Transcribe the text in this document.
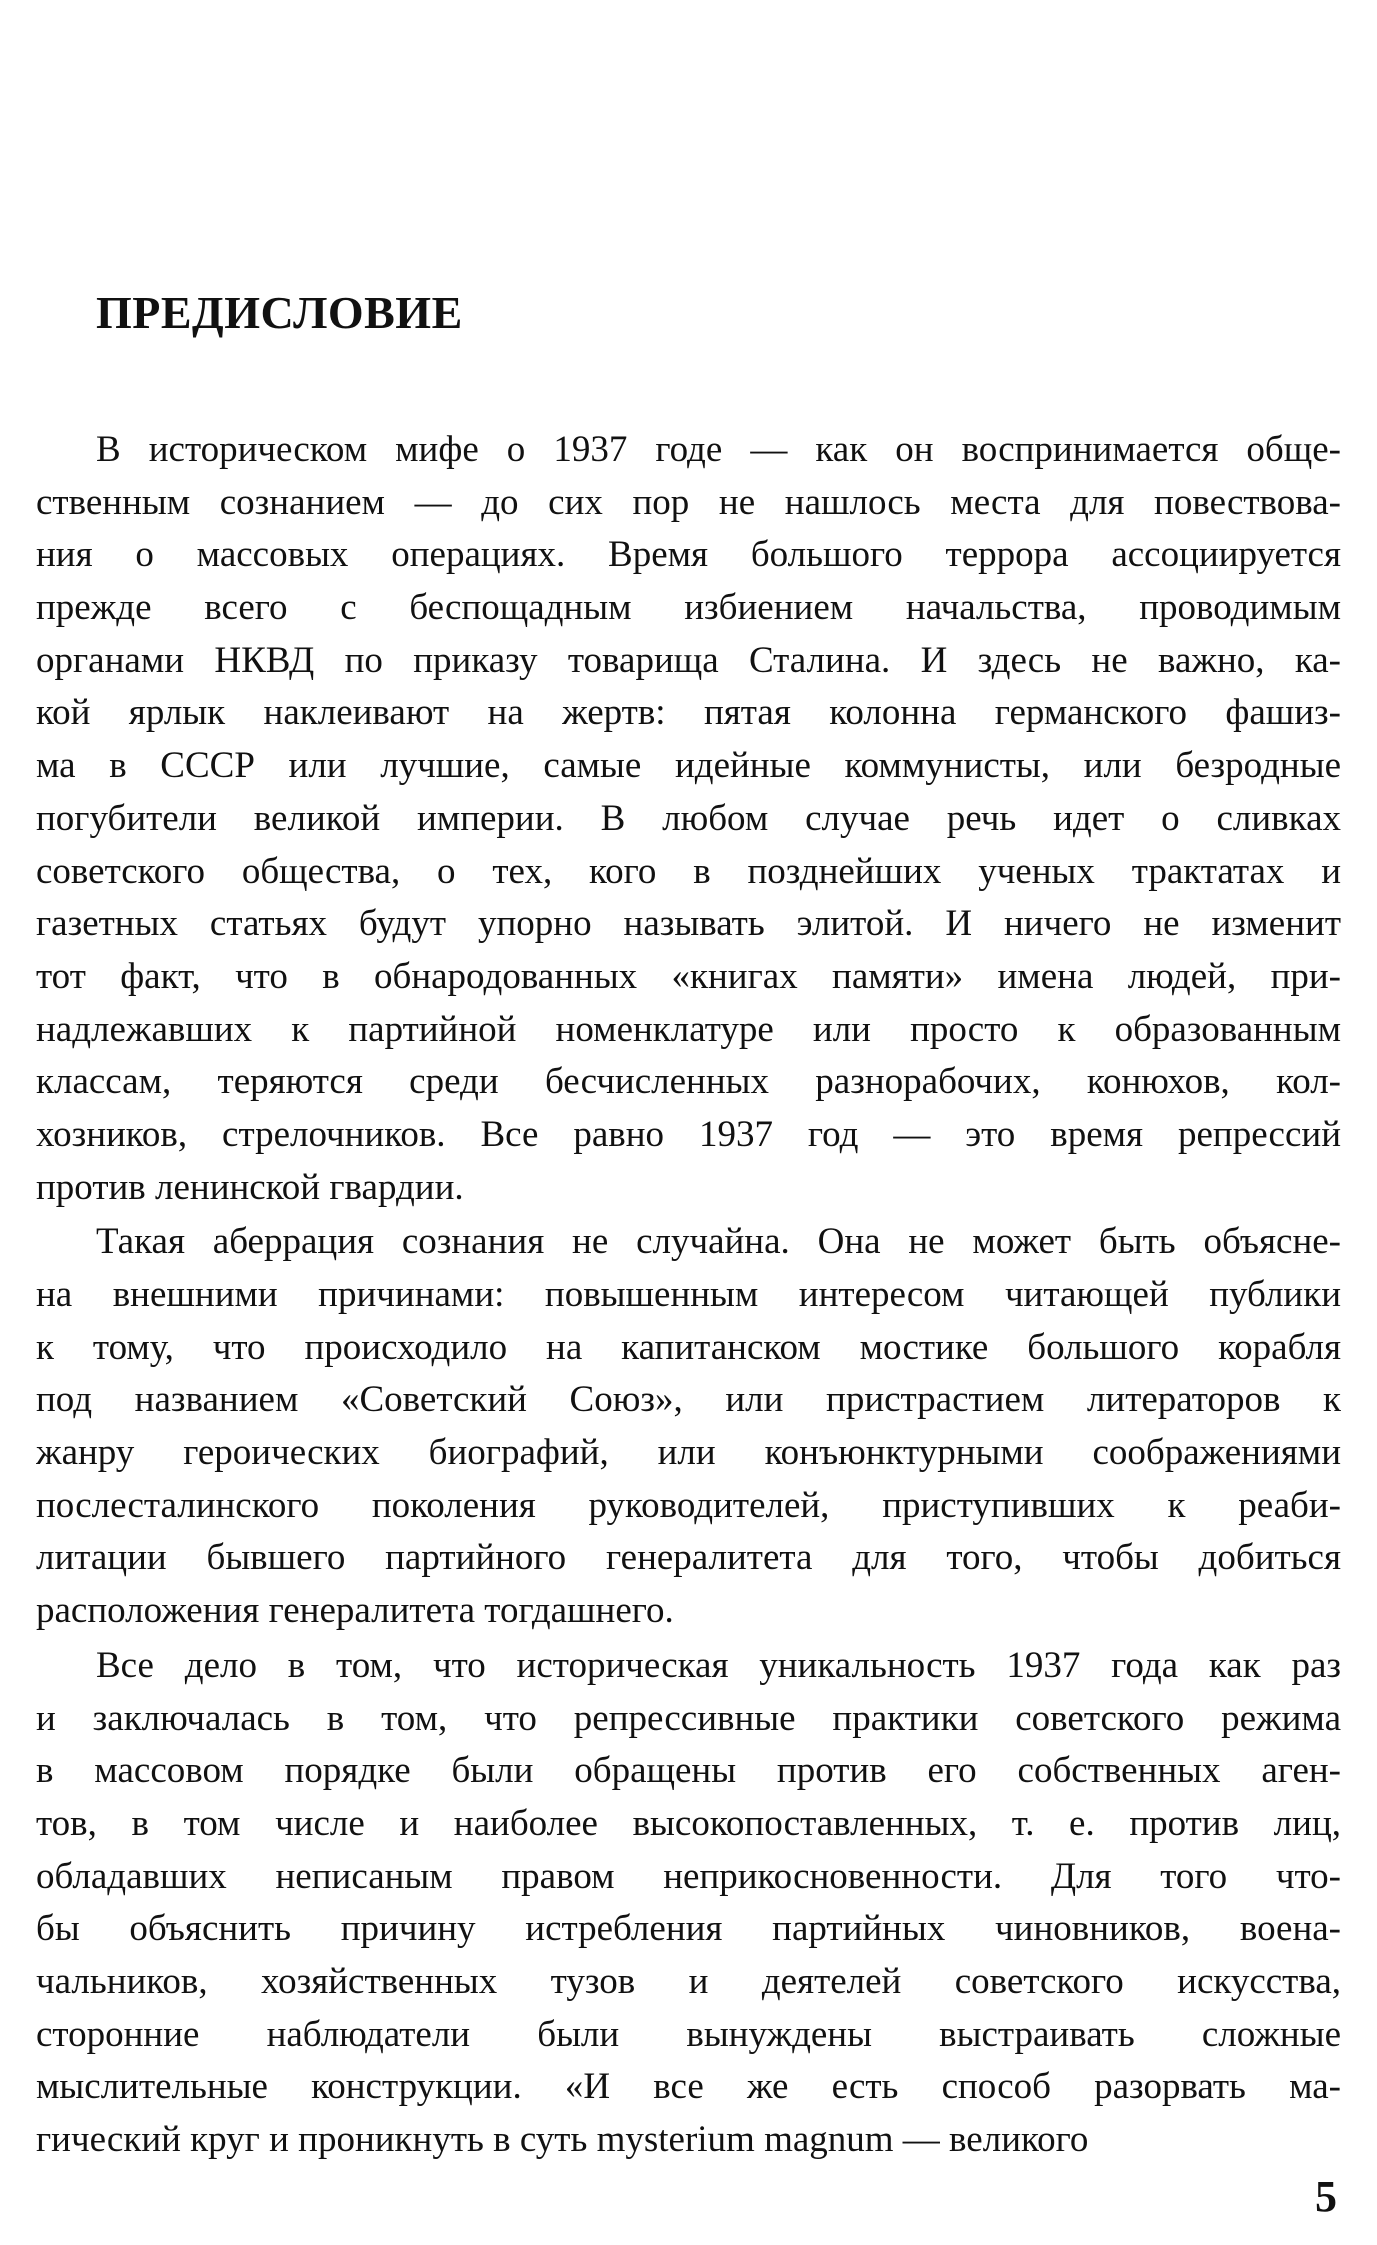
ПРЕДИСЛОВИЕ
В историческом мифе о 1937 годе — как он воспринимается обще-
ственным сознанием — до сих пор не нашлось места для повествова-
ния о массовых операциях. Время большого террора ассоциируется
прежде всего с беспощадным избиением начальства, проводимым
органами НКВД по приказу товарища Сталина. И здесь не важно, ка-
кой ярлык наклеивают на жертв: пятая колонна германского фашиз-
ма в СССР или лучшие, самые идейные коммунисты, или безродные
погубители великой империи. В любом случае речь идет о сливках
советского общества, о тех, кого в позднейших ученых трактатах и
газетных статьях будут упорно называть элитой. И ничего не изменит
тот факт, что в обнародованных «книгах памяти» имена людей, при-
надлежавших к партийной номенклатуре или просто к образованным
классам, теряются среди бесчисленных разнорабочих, конюхов, кол-
хозников, стрелочников. Все равно 1937 год — это время репрессий
против ленинской гвардии.
Такая аберрация сознания не случайна. Она не может быть объясне-
на внешними причинами: повышенным интересом читающей публики
к тому, что происходило на капитанском мостике большого корабля
под названием «Советский Союз», или пристрастием литераторов к
жанру героических биографий, или конъюнктурными соображениями
послесталинского поколения руководителей, приступивших к реаби-
литации бывшего партийного генералитета для того, чтобы добиться
расположения генералитета тогдашнего.
Все дело в том, что историческая уникальность 1937 года как раз
и заключалась в том, что репрессивные практики советского режима
в массовом порядке были обращены против его собственных аген-
тов, в том числе и наиболее высокопоставленных, т. е. против лиц,
обладавших неписаным правом неприкосновенности. Для того что-
бы объяснить причину истребления партийных чиновников, военa-
чальников, хозяйственных тузов и деятелей советского искусства,
сторонние наблюдатели были вынуждены выстраивать сложные
мыслительные конструкции. «И все же есть способ разорвать ма-
гический круг и проникнуть в суть mysterium magnum — великого
5
